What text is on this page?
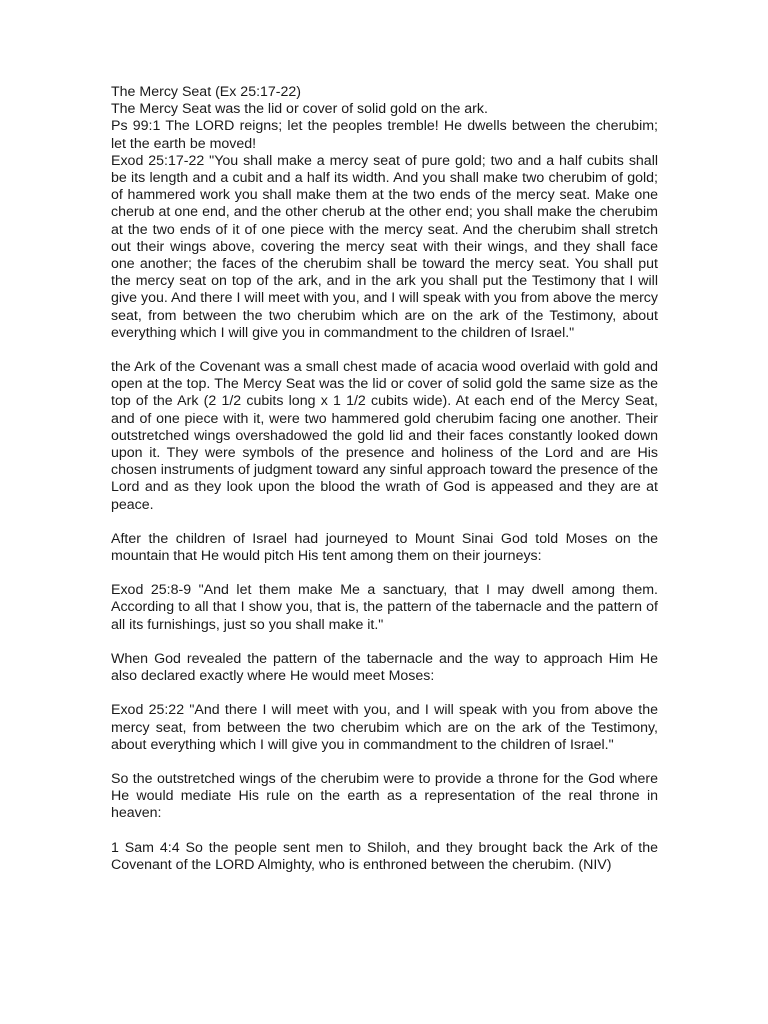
The Mercy Seat (Ex 25:17-22)

The Mercy Seat was the lid or cover of solid gold on the ark.

Ps 99:1 The LORD reigns; let the peoples tremble! He dwells between the cherubim; let the earth be moved!

Exod 25:17-22 "You shall make a mercy seat of pure gold; two and a half cubits shall be its length and a cubit and a half its width. And you shall make two cherubim of gold; of hammered work you shall make them at the two ends of the mercy seat. Make one cherub at one end, and the other cherub at the other end; you shall make the cherubim at the two ends of it of one piece with the mercy seat. And the cherubim shall stretch out their wings above, covering the mercy seat with their wings, and they shall face one another; the faces of the cherubim shall be toward the mercy seat. You shall put the mercy seat on top of the ark, and in the ark you shall put the Testimony that I will give you. And there I will meet with you, and I will speak with you from above the mercy seat, from between the two cherubim which are on the ark of the Testimony, about everything which I will give you in commandment to the children of Israel."

the Ark of the Covenant was a small chest made of acacia wood overlaid with gold and open at the top. The Mercy Seat was the lid or cover of solid gold the same size as the top of the Ark (2 1/2 cubits long x 1 1/2 cubits wide). At each end of the Mercy Seat, and of one piece with it, were two hammered gold cherubim facing one another. Their outstretched wings overshadowed the gold lid and their faces constantly looked down upon it. They were symbols of the presence and holiness of the Lord and are His chosen instruments of judgment toward any sinful approach toward the presence of the Lord and as they look upon the blood the wrath of God is appeased and they are at peace.

After the children of Israel had journeyed to Mount Sinai God told Moses on the mountain that He would pitch His tent among them on their journeys:

Exod 25:8-9 "And let them make Me a sanctuary, that I may dwell among them. According to all that I show you, that is, the pattern of the tabernacle and the pattern of all its furnishings, just so you shall make it."

When God revealed the pattern of the tabernacle and the way to approach Him He also declared exactly where He would meet Moses:

Exod 25:22 "And there I will meet with you, and I will speak with you from above the mercy seat, from between the two cherubim which are on the ark of the Testimony, about everything which I will give you in commandment to the children of Israel."

So the outstretched wings of the cherubim were to provide a throne for the God where He would mediate His rule on the earth as a representation of the real throne in heaven:

1 Sam 4:4 So the people sent men to Shiloh, and they brought back the Ark of the Covenant of the LORD Almighty, who is enthroned between the cherubim. (NIV)
